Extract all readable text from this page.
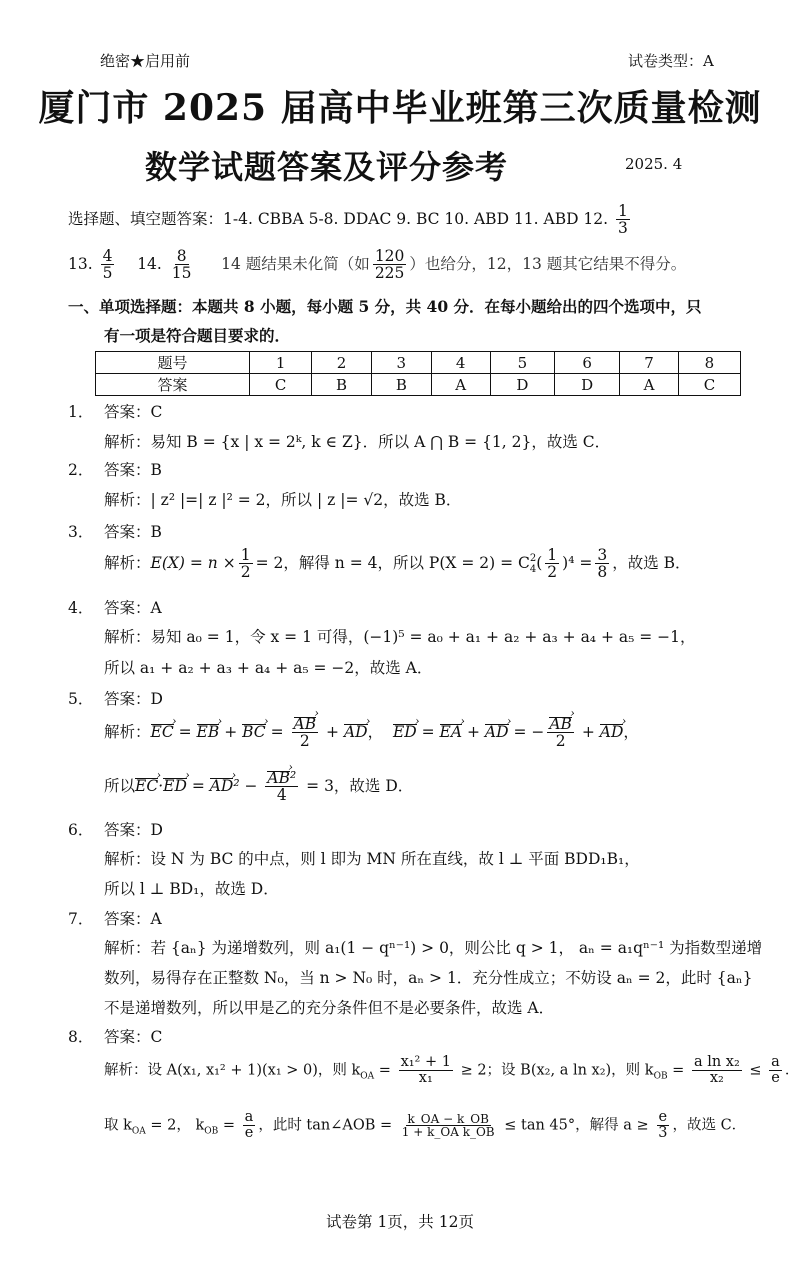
绝密★启用前	试卷类型：A
厦门市 2025 届高中毕业班第三次质量检测
数学试题答案及评分参考	2025. 4
选择题、填空题答案：1-4. CBBA 5-8. DDAC 9. BC 10. ABD 11. ABD 12. $\frac{1}{3}$
13. $\frac{4}{5} 14$. $\frac{8}{15} 14$ 题结果未化简（如 $\frac{120}{225}$ ）也给分，12，13 题其它结果不得分。
一、单项选择题：本题共 8 小题，每小题 5 分，共 40 分．在每小题给出的四个选项中，只
有一项是符合题目要求的．
题号	1	2	3	4	5	6	7	8
答案	C	B	B	A	D	D	A	C
1． 答案：C
解析：易知 B = {x | x = 2ᵏ, k ∈ Z}．所以 A ⋂ B = {1, 2}，故选 C．
2． 答案：B
解析：| z² |=| z |² = 2，所以 | z |= √2，故选 B．
3． 答案：B
解析：$E(X) = n \times \frac{1}{2} = 2$，解得 n = 4，所以 P(X = 2) = C 2
4 ( $\frac{1}{2} )^4 = \frac{3}{8}$ ，故选 B．
4． 答案：A
解析：易知 a₀ = 1，令 x = 1 可得，(−1)⁵ = a₀ + a₁ + a₂ + a₃ + a₄ + a₅ = −1，
所以 a₁ + a₂ + a₃ + a₄ + a₅ = −2，故选 A．
5． 答案：D
解析：EC › = EB › + BC › = $\frac{AB ›}{2}$ + AD ›， ED › = EA › + AD › = − $\frac{AB ›}{2}$ + AD ›，
所以EC ›·ED › = AD ›² − $\frac{\text{AB ›²}}{4} = 3$，故选 D．
6． 答案：D
解析：设 N 为 BC 的中点，则 l 即为 MN 所在直线，故 l ⊥ 平面 BDD₁B₁，
所以 l ⊥ BD₁，故选 D．
7． 答案：A
解析：若 {aₙ} 为递增数列，则 a₁(1 − qⁿ⁻¹) > 0，则公比 q > 1， aₙ = a₁qⁿ⁻¹ 为指数型递增
数列，易得存在正整数 N₀，当 n > N₀ 时，aₙ > 1．充分性成立；不妨设 aₙ = 2，此时 {aₙ}
不是递增数列，所以甲是乙的充分条件但不是必要条件，故选 A．
8． 答案：C
解析：设 A(x₁, x₁² + 1)(x₁ > 0)，则 $k_{OA} = \frac{\text{x₁² + 1}}{\text{x₁}} \ge 2$；设 B(x₂, a ln x₂)，则 $k_{OB} = \frac{\text{a ln x₂}}{\text{x₂}} \le \frac{a}{e}$ ．
取 $k_{OA} = 2$， $k_{OB} = \frac{a}{e}$ ，此时 tan∠AOB = $\frac{k\_OA - k\_OB}{\text{1 + k\_OA k\_OB}} \le \tan 45^\circ$，解得 $a \ge \frac{e}{3}$ ，故选 C．
试卷第 1页，共 12页
